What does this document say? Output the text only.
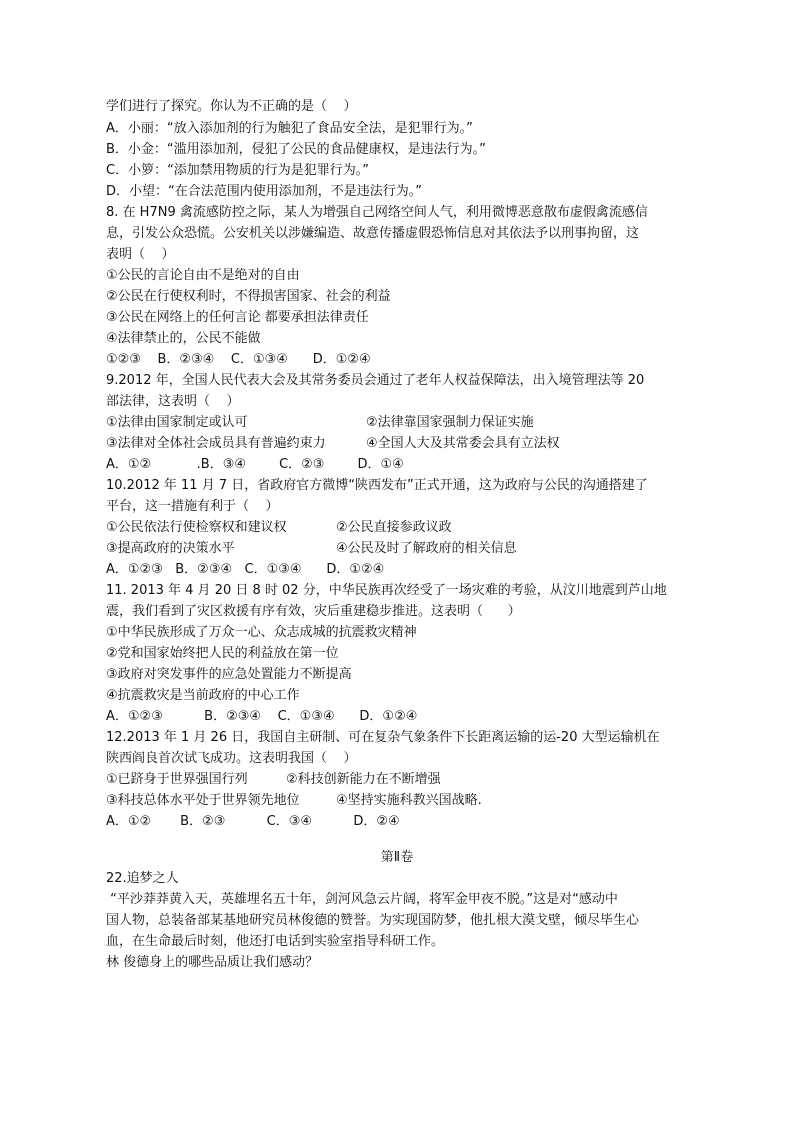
学们进行了探究。你认为不正确的是（    ）
A．小丽：“放入添加剂的行为触犯了食品安全法，是犯罪行为。”
B．小金：“滥用添加剂，侵犯了公民的食品健康权，是违法行为。”
C．小箩：“添加禁用物质的行为是犯罪行为。”
D．小望：“在合法范围内使用添加剂，不是违法行为。”
8. 在 H7N9 禽流感防控之际，某人为增强自己网络空间人气，利用微博恶意散布虚假禽流感信
息，引发公众恐慌。公安机关以涉嫌编造、故意传播虚假恐怖信息对其依法予以刑事拘留，这
表明（    ）
①公民的言论自由不是绝对的自由
②公民在行使权利时，不得损害国家、社会的利益
③公民在网络上的任何言论 都要承担法律责任
④法律禁止的，公民不能做
①②③    B．②③④    C．①③④      D．①②④
9.2012 年，全国人民代表大会及其常务委员会通过了老年人权益保障法，出入境管理法等 20
部法律，这表明（    ）
①法律由国家制定或认可	②法律靠国家强制力保证实施
③法律对全体社会成员具有普遍约束力	④全国人大及其常委会具有立法权
A．①②           .B．③④        C．②③        D．①④
10.2012 年 11 月 7 日，省政府官方微博“陕西发布”正式开通，这为政府与公民的沟通搭建了
平台，这一措施有利于（    ）
①公民依法行使检察权和建议权	②公民直接参政议政
③提高政府的决策水平	④公民及时了解政府的相关信息
A．①②③   B．②③④   C．①③④      D．①②④
11. 2013 年 4 月 20 日 8 时 02 分，中华民族再次经受了一场灾难的考验，从汶川地震到芦山地
震，我们看到了灾区救援有序有效，灾后重建稳步推进。这表明（      ）
①中华民族形成了万众一心、众志成城的抗震救灾精神
②党和国家始终把人民的利益放在第一位
③政府对突发事件的应急处置能力不断提高
④抗震救灾是当前政府的中心工作
A．①②③          B．②③④    C．①③④      D．①②④
12.2013 年 1 月 26 日，我国自主研制、可在复杂气象条件下长距离运输的运-20 大型运输机在
陕西阎良首次试飞成功。这表明我国（    ）
①已跻身于世界强国行列	②科技创新能力在不断增强
③科技总体水平处于世界领先地位	④坚持实施科教兴国战略.
A．①②       B．②③          C．③④          D．②④
第Ⅱ卷
22.追梦之人
“平沙莽莽黄入天，英雄埋名五十年，剑河风急云片阔，将军金甲夜不脱。”这是对“感动中
国人物，总装备部某基地研究员林俊德的赞誉。为实现国防梦，他扎根大漠戈壁，倾尽毕生心
血，在生命最后时刻，他还打电话到实验室指导科研工作。
林 俊德身上的哪些品质让我们感动？
